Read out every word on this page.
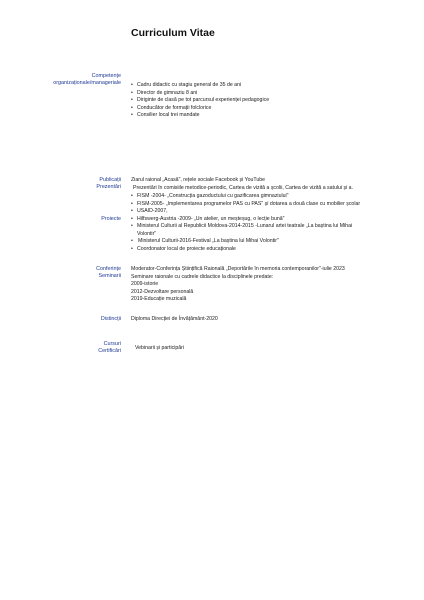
Curriculum Vitae
Competențe
organizaționale/manageriale • Cadru didactic cu stagiu general de 35 de ani
• Director de gimnaziu 8 ani
• Diriginte de clasă pe tot parcursul experienței pedagogice
• Conducător de formații folclorice
• Consilier local trei mandate
Publicații
Prezentări
Ziarul raional „Acasă", rețele sociale Facebook și YouTube
Prezentări în comisiile metodice-periodic, Cartea de vizită a școlii, Cartea de vizită a satului și a.
Proiecte
• FISM -2004- „Construcția gazoductului cu gazificarea gimnaziului"
• FISM-2005- „Implementarea programelor PAS cu PAS" și dotarea a două clase cu mobilier școlar
• USAID-2007,
• Hilfswerg-Austria -2009- „Un atelier, un meșteșug, o lecție bună"
• Ministerul Culturii al Republicii Moldova-2014-2015 -Lunarul artei teatrale „La baștina lui Mihai
Volontir"
• Ministerul Culturii-2016-Festival „La baștina lui Mihai Volontir"
• Coordonator local de proiecte educaționale
Conferințe
Seminarii
Moderator-Conferința Științifică Raională „Deportările în memoria contemporanilor"-iulie 2023
Seminare raionale cu cadrele didactice la disciplinele predate:
2009-istorie
2012-Dezvoltare personală
2019-Educație muzicală
Distincții Diploma Direcției de Învățământ-2020
Cursuri
Certificări
Vebinarii și participări
